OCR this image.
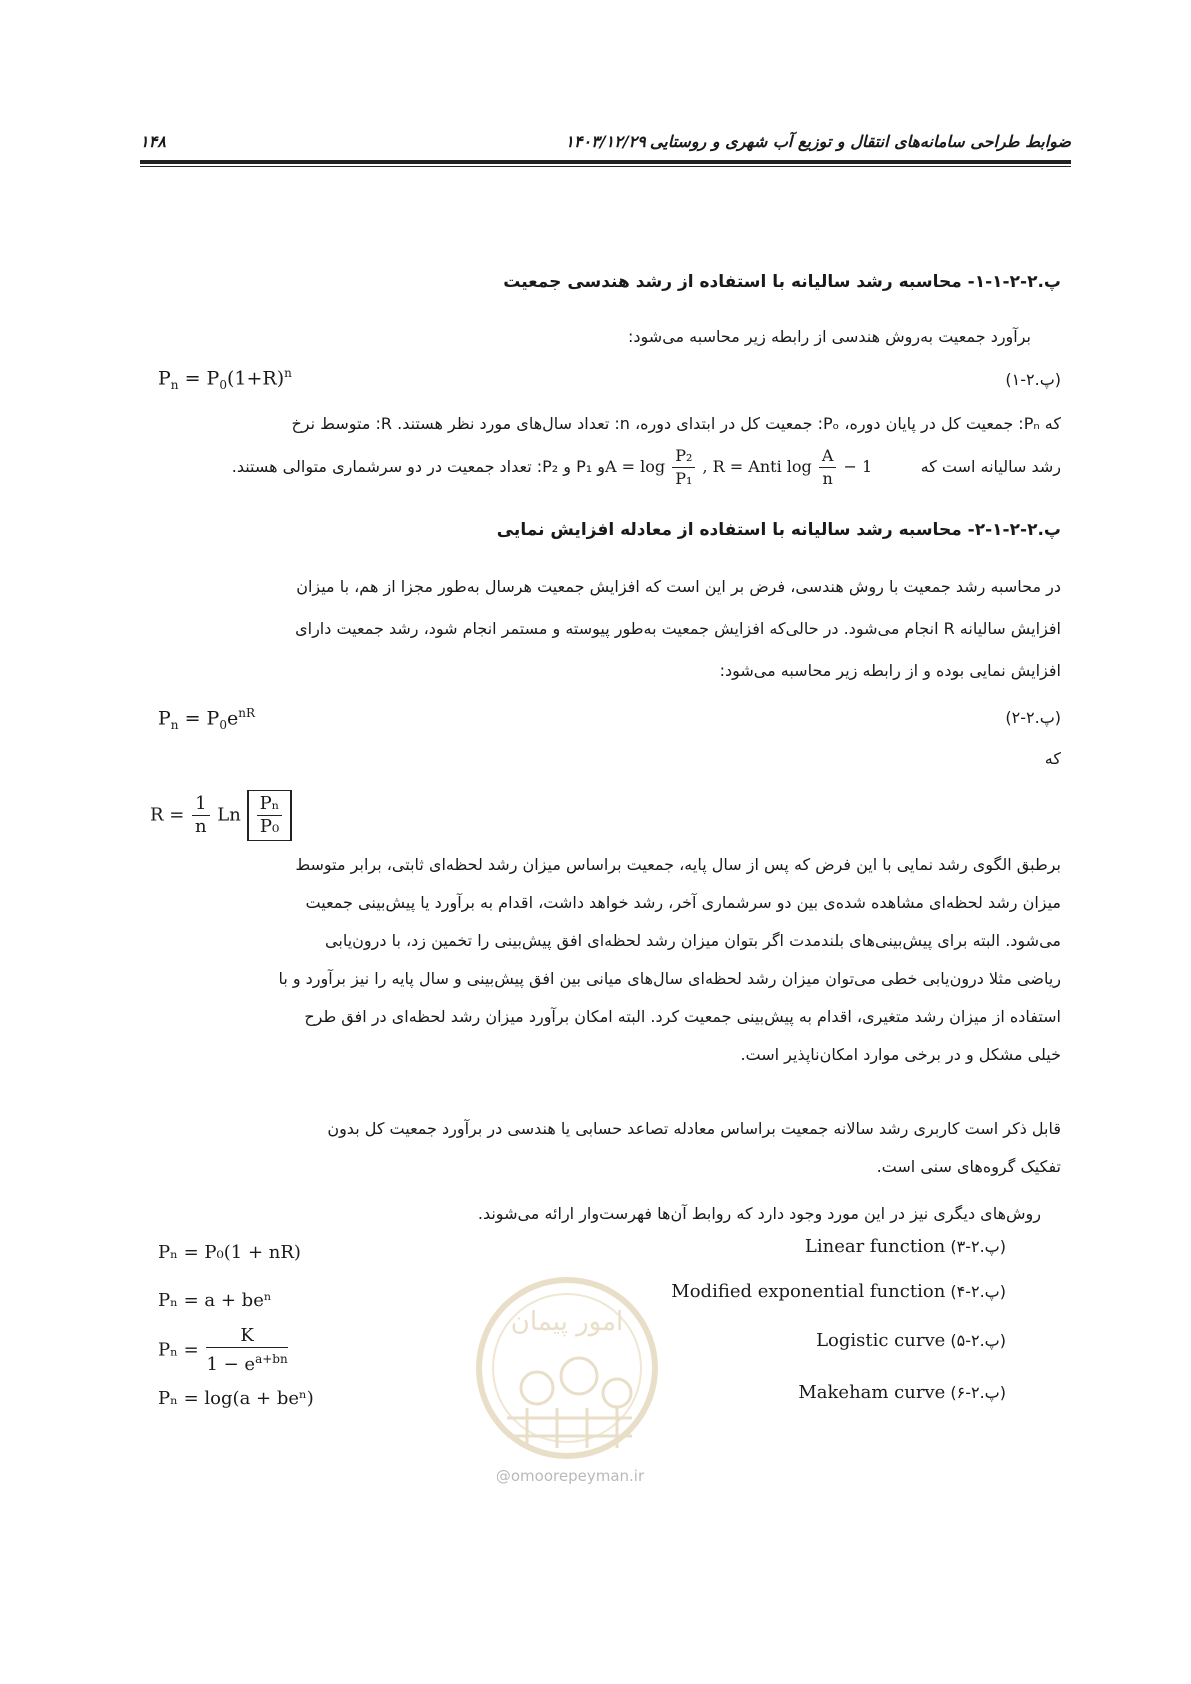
ضوابط طراحی سامانه‌های انتقال و توزیع آب شهری و روستایی
۱۴۰۳/۱۲/۲۹
۱۴۸
پ.۲-۲-۱-۱- محاسبه رشد سالیانه با استفاده از رشد هندسی جمعیت
برآورد جمعیت به‌روش هندسی از رابطه زیر محاسبه می‌شود:
$P_n = P_0(1+R)^n$	(پ.۲-۱)
که Pₙ: جمعیت کل در پایان دوره، Pₒ: جمعیت کل در ابتدای دوره، n: تعداد سال‌های مورد نظر هستند. R: متوسط نرخ
رشد سالیانه است که
$A = \log \frac{\text{P₂}}{\text{P₁}}$ , R = Anti $\log \frac{A}{n} - 1$
و P₁ و P₂: تعداد جمعیت در دو سرشماری متوالی هستند.
پ.۲-۲-۱-۲- محاسبه رشد سالیانه با استفاده از معادله افزایش نمایی
در محاسبه رشد جمعیت با روش هندسی، فرض بر این است که افزایش جمعیت هرسال به‌طور مجزا از هم، با میزان
افزایش سالیانه R انجام می‌شود. در حالی‌که افزایش جمعیت به‌طور پیوسته و مستمر انجام شود، رشد جمعیت دارای
افزایش نمایی بوده و از رابطه زیر محاسبه می‌شود:
$P_n = P_0e^{nR}$	(پ.۲-۲)
که
$R = \frac{1}{n}$ Ln $\frac{\text{Pₙ}}{\text{P₀}}$
برطبق الگوی رشد نمایی با این فرض که پس از سال پایه، جمعیت براساس میزان رشد لحظه‌ای ثابتی، برابر متوسط
میزان رشد لحظه‌ای مشاهده شده‌ی بین دو سرشماری آخر، رشد خواهد داشت، اقدام به برآورد یا پیش‌بینی جمعیت
می‌شود. البته برای پیش‌بینی‌های بلندمدت اگر بتوان میزان رشد لحظه‌ای افق پیش‌بینی را تخمین زد، با درون‌یابی
ریاضی مثلا درون‌یابی خطی می‌توان میزان رشد لحظه‌ای سال‌های میانی بین افق پیش‌بینی و سال پایه را نیز برآورد و با
استفاده از میزان رشد متغیری، اقدام به پیش‌بینی جمعیت کرد. البته امکان برآورد میزان رشد لحظه‌ای در افق طرح
خیلی مشکل و در برخی موارد امکان‌ناپذیر است.
قابل ذکر است کاربری رشد سالانه جمعیت براساس معادله تصاعد حسابی یا هندسی در برآورد جمعیت کل بدون
تفکیک گروه‌های سنی است.
روش‌های دیگری نیز در این مورد وجود دارد که روابط آن‌ها فهرست‌وار ارائه می‌شوند.
Linear function (پ.۲-۳)
Pₙ = P₀(1 + nR)
Modified exponential function (پ.۲-۴)
Pₙ = a + beⁿ
Logistic curve (پ.۲-۵)
$P_n = \frac{K}{1 - e^{a+bn}}$
Makeham curve (پ.۲-۶)
Pₙ = log(a + beⁿ)
امور پیمان
@omoorepeyman.ir
